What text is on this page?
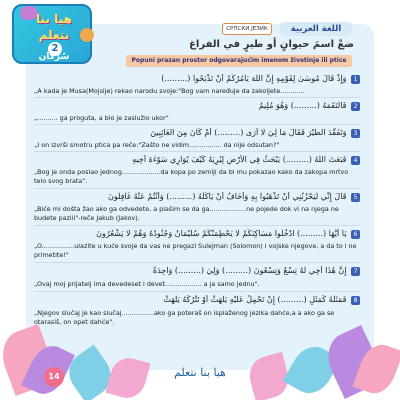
هيا بنا
نتعلم
2
سُرْكان
СРПСКИ ЈЕЗИК	اللغة العربية
ضعْ اسمَ حيوانٍ أو طيرٍ في الفراغ
Popuni prazan prostor odgovarajućim imenom životinje ili ptice
1 وَإِذْ قَالَ مُوسَىٰ لِقَوْمِهِ إِنَّ اللَّهَ يَأْمُرُكُمْ أَنْ تَذْبَحُوا (.........)
„A kada je Musa(Mojsije) rekao narodu svoje:"Bog vam naređuje da zakoljete............
2 فَالْتَقَمَهُ (.........) وَهُوَ مُلِيمٌ
„.......... ga proguta, a bio je zaslužio ukor"
3 وَتَفَقَّدَ الطَّيْرَ فَقَالَ مَا لِيَ لَا أَرَى (.........) أَمْ كَانَ مِنَ الْغَائِبِينَ
„I on izvrši smotru ptica pa reče:"Zašto ne vidim................ da nije odsutan?"
4 فَبَعَثَ اللَّهُ (.........) يَبْحَثُ فِي الْأَرْضِ لِيُرِيَهُ كَيْفَ يُوَارِي سَوْءَةَ أَخِيهِ
„Bog je onda poslao jednog...................da kopa po zemlji da bi mu pokazao kako da zakopa mrtvo telo svog brata".
5 قَالَ إِنِّي لَيَحْزُنُنِي أَنْ تَذْهَبُوا بِهِ وَأَخَافُ أَنْ يَأْكُلَهُ (.........) وَأَنْتُمْ عَنْهُ غَافِلُونَ
„Biće mi došta žao ako ga odvedete, a plašim se da ga..................ne pojede dok vi na njega ne budete pazili"-reče Jakub (Jakov).
6 يَا أَيُّهَا (.........) ادْخُلُوا مَسَاكِنَكُمْ لَا يَحْطِمَنَّكُمْ سُلَيْمَانُ وَجُنُودُهُ وَهُمْ لَا يَشْعُرُونَ
„O................ulazite u kuće svoje da vas ne pregazi Sulejman (Solomon) i vojske njegove, a da to i ne primetite!"
7 إِنَّ هَٰذَا أَخِي لَهُ تِسْعٌ وَتِسْعُونَ (.........) وَلِيَ (.........) وَاحِدَةٌ
„Ovaj moj prijatelj ima devedeset i devet.................. a ja samo jednu".
8 فَمَثَلُهُ كَمَثَلِ (.........) إِنْ تَحْمِلْ عَلَيْهِ يَلْهَثْ أَوْ تَتْرُكْهُ يَلْهَثْ
„Njegov slučaj je kao slučaj................ako ga poteraš on isplaženog jezika dahće,a a ako ga se otarasiš, on opet dahće".
14	هيا بنا نتعلم
